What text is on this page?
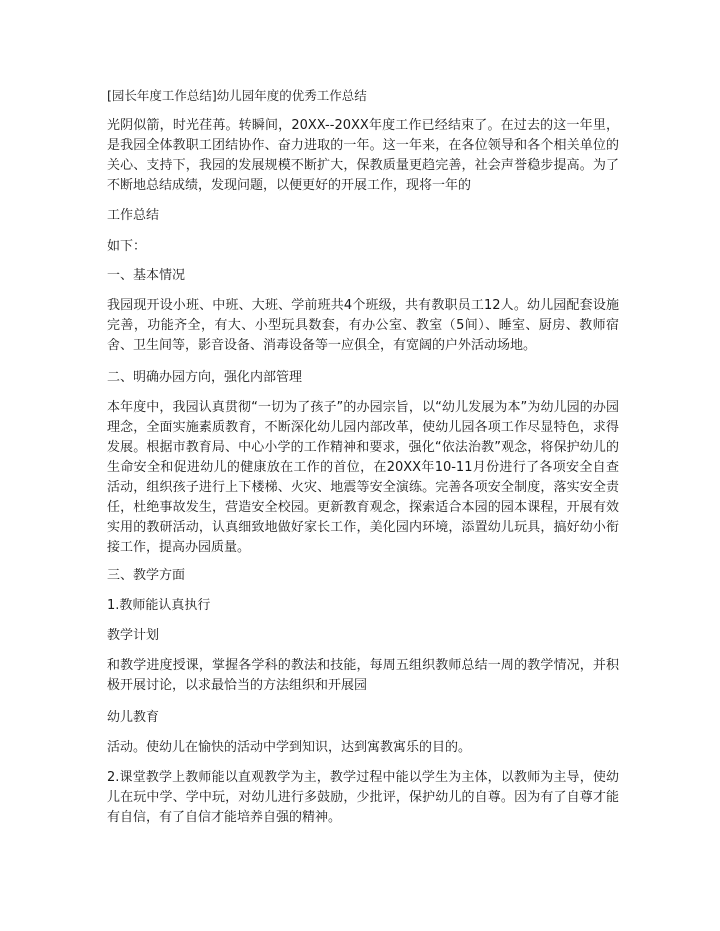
[园长年度工作总结]幼儿园年度的优秀工作总结
光阴似箭，时光荏苒。转瞬间，20XX--20XX年度工作已经结束了。在过去的这一年里，是我园全体教职工团结协作、奋力进取的一年。这一年来，在各位领导和各个相关单位的关心、支持下，我园的发展规模不断扩大，保教质量更趋完善，社会声誉稳步提高。为了不断地总结成绩，发现问题，以便更好的开展工作，现将一年的
工作总结
如下：
一、基本情况
我园现开设小班、中班、大班、学前班共4个班级，共有教职员工12人。幼儿园配套设施完善，功能齐全，有大、小型玩具数套，有办公室、教室（5间）、睡室、厨房、教师宿舍、卫生间等，影音设备、消毒设备等一应俱全，有宽阔的户外活动场地。
二、明确办园方向，强化内部管理
本年度中，我园认真贯彻“一切为了孩子”的办园宗旨，以“幼儿发展为本”为幼儿园的办园理念，全面实施素质教育，不断深化幼儿园内部改革，使幼儿园各项工作尽显特色，求得发展。根据市教育局、中心小学的工作精神和要求，强化“依法治教”观念，将保护幼儿的生命安全和促进幼儿的健康放在工作的首位，在20XX年10-11月份进行了各项安全自查活动，组织孩子进行上下楼梯、火灾、地震等安全演练。完善各项安全制度，落实安全责任，杜绝事故发生，营造安全校园。更新教育观念，探索适合本园的园本课程，开展有效实用的教研活动，认真细致地做好家长工作，美化园内环境，添置幼儿玩具，搞好幼小衔接工作，提高办园质量。
三、教学方面
1.教师能认真执行
教学计划
和教学进度授课，掌握各学科的教法和技能，每周五组织教师总结一周的教学情况，并积极开展讨论，以求最恰当的方法组织和开展园
幼儿教育
活动。使幼儿在愉快的活动中学到知识，达到寓教寓乐的目的。
2.课堂教学上教师能以直观教学为主，教学过程中能以学生为主体，以教师为主导，使幼儿在玩中学、学中玩，对幼儿进行多鼓励，少批评，保护幼儿的自尊。因为有了自尊才能有自信，有了自信才能培养自强的精神。
